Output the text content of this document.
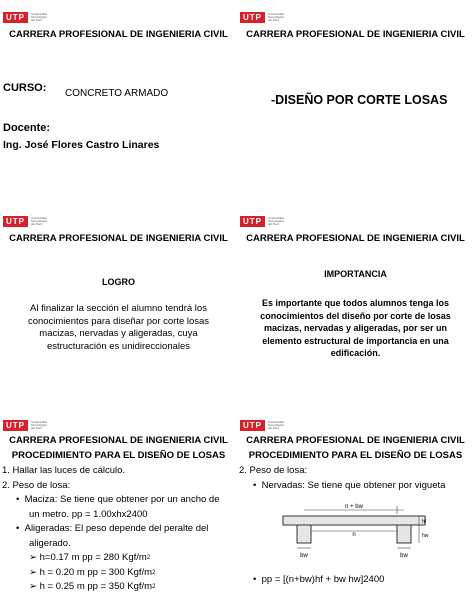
UTP	Universidad Tecnológica del Perú
CARRERA PROFESIONAL DE INGENIERIA CIVIL
CURSO: CONCRETO ARMADO
Docente:
Ing. José Flores Castro Linares
UTP	Universidad Tecnológica del Perú
CARRERA PROFESIONAL DE INGENIERIA CIVIL
-DISEÑO POR CORTE LOSAS
UTP	Universidad Tecnológica del Perú
CARRERA PROFESIONAL DE INGENIERIA CIVIL
LOGRO
Al finalizar la sección el alumno tendrá los conocimientos para diseñar por corte losas macizas, nervadas y aligeradas, cuya estructuración es unidireccionales
UTP	Universidad Tecnológica del Perú
CARRERA PROFESIONAL DE INGENIERIA CIVIL
IMPORTANCIA
Es importante que todos alumnos tenga los conocimientos del diseño por corte de losas macizas, nervadas y aligeradas, por ser un elemento estructural de importancia en una edificación.
UTP	Universidad Tecnológica del Perú
CARRERA PROFESIONAL DE INGENIERIA CIVIL
PROCEDIMIENTO PARA EL DISEÑO DE LOSAS
1. Hallar las luces de cálculo.
2. Peso de losa:
•  Maciza: Se tiene que obtener por un ancho de
un metro. pp = 1.00xhx2400
•  Aligeradas: El peso depende del peralte del
aligerado.
➢ h=0.17 m pp = 280 Kgf/$m^2$
➢ h = 0.20 m pp = 300 Kgf/$m^2$
➢ h = 0.25 m pp = 350 Kgf/$m^2$
UTP	Universidad Tecnológica del Perú
CARRERA PROFESIONAL DE INGENIERIA CIVIL
PROCEDIMIENTO PARA EL DISEÑO DE LOSAS
2. Peso de losa:
•  Nervadas: Se tiene que obtener por vigueta
n + bw
n
bw	bw
hf
hw
•  pp = [(n+bw)hf + bw hw]2400
